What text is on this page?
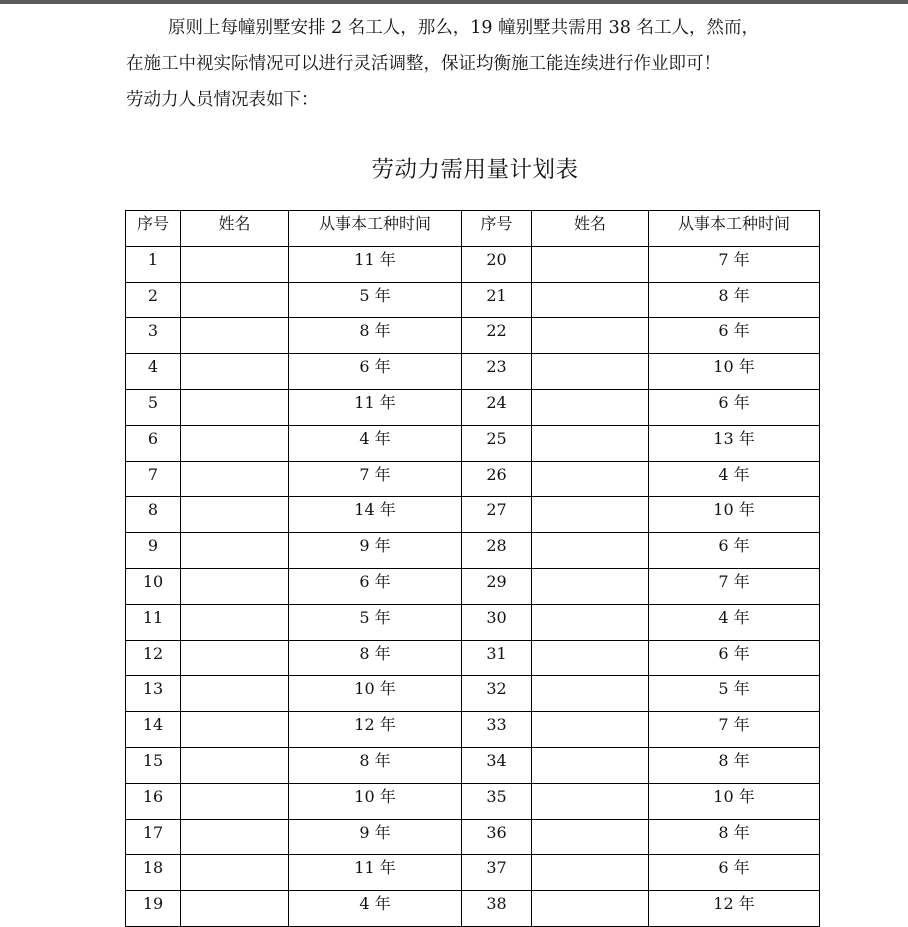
原则上每幢别墅安排 2 名工人，那么，19 幢别墅共需用 38 名工人，然而，
在施工中视实际情况可以进行灵活调整，保证均衡施工能连续进行作业即可！
劳动力人员情况表如下：
劳动力需用量计划表
序号	姓名	从事本工种时间	序号	姓名	从事本工种时间
1		11 年	20		7 年
2		5 年	21		8 年
3		8 年	22		6 年
4		6 年	23		10 年
5		11 年	24		6 年
6		4 年	25		13 年
7		7 年	26		4 年
8		14 年	27		10 年
9		9 年	28		6 年
10		6 年	29		7 年
11		5 年	30		4 年
12		8 年	31		6 年
13		10 年	32		5 年
14		12 年	33		7 年
15		8 年	34		8 年
16		10 年	35		10 年
17		9 年	36		8 年
18		11 年	37		6 年
19		4 年	38		12 年
